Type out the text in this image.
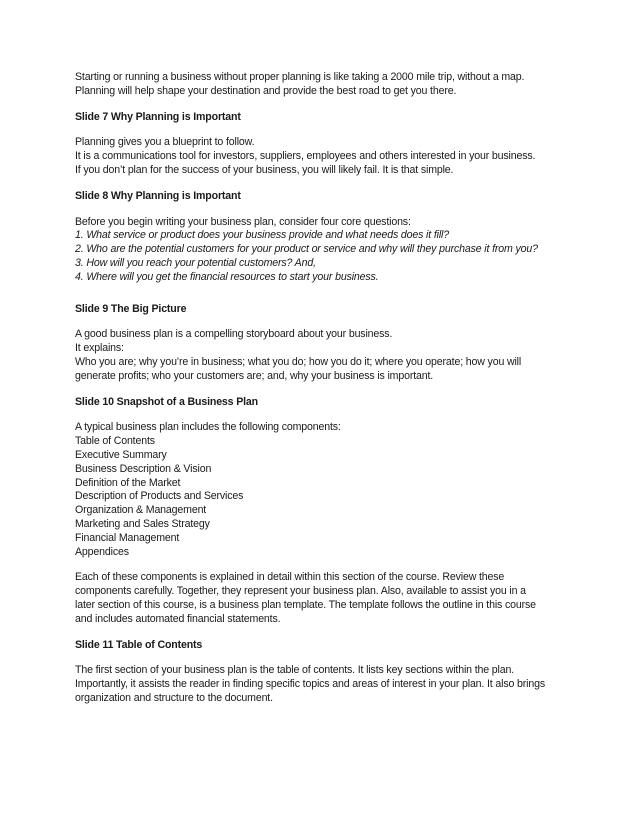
Starting or running a business without proper planning is like taking a 2000 mile trip, without a map.
Planning will help shape your destination and provide the best road to get you there.
Slide 7 Why Planning is Important
Planning gives you a blueprint to follow.
It is a communications tool for investors, suppliers, employees and others interested in your business.
If you don’t plan for the success of your business, you will likely fail. It is that simple.
Slide 8 Why Planning is Important
Before you begin writing your business plan, consider four core questions:
1. What service or product does your business provide and what needs does it fill?
2. Who are the potential customers for your product or service and why will they purchase it from you?
3. How will you reach your potential customers? And,
4. Where will you get the financial resources to start your business.
Slide 9 The Big Picture
A good business plan is a compelling storyboard about your business.
It explains:
Who you are; why you’re in business; what you do; how you do it; where you operate; how you will
generate profits; who your customers are; and, why your business is important.
Slide 10 Snapshot of a Business Plan
A typical business plan includes the following components:
Table of Contents
Executive Summary
Business Description & Vision
Definition of the Market
Description of Products and Services
Organization & Management
Marketing and Sales Strategy
Financial Management
Appendices
Each of these components is explained in detail within this section of the course. Review these
components carefully. Together, they represent your business plan. Also, available to assist you in a
later section of this course, is a business plan template. The template follows the outline in this course
and includes automated financial statements.
Slide 11 Table of Contents
The first section of your business plan is the table of contents. It lists key sections within the plan.
Importantly, it assists the reader in finding specific topics and areas of interest in your plan. It also brings
organization and structure to the document.
